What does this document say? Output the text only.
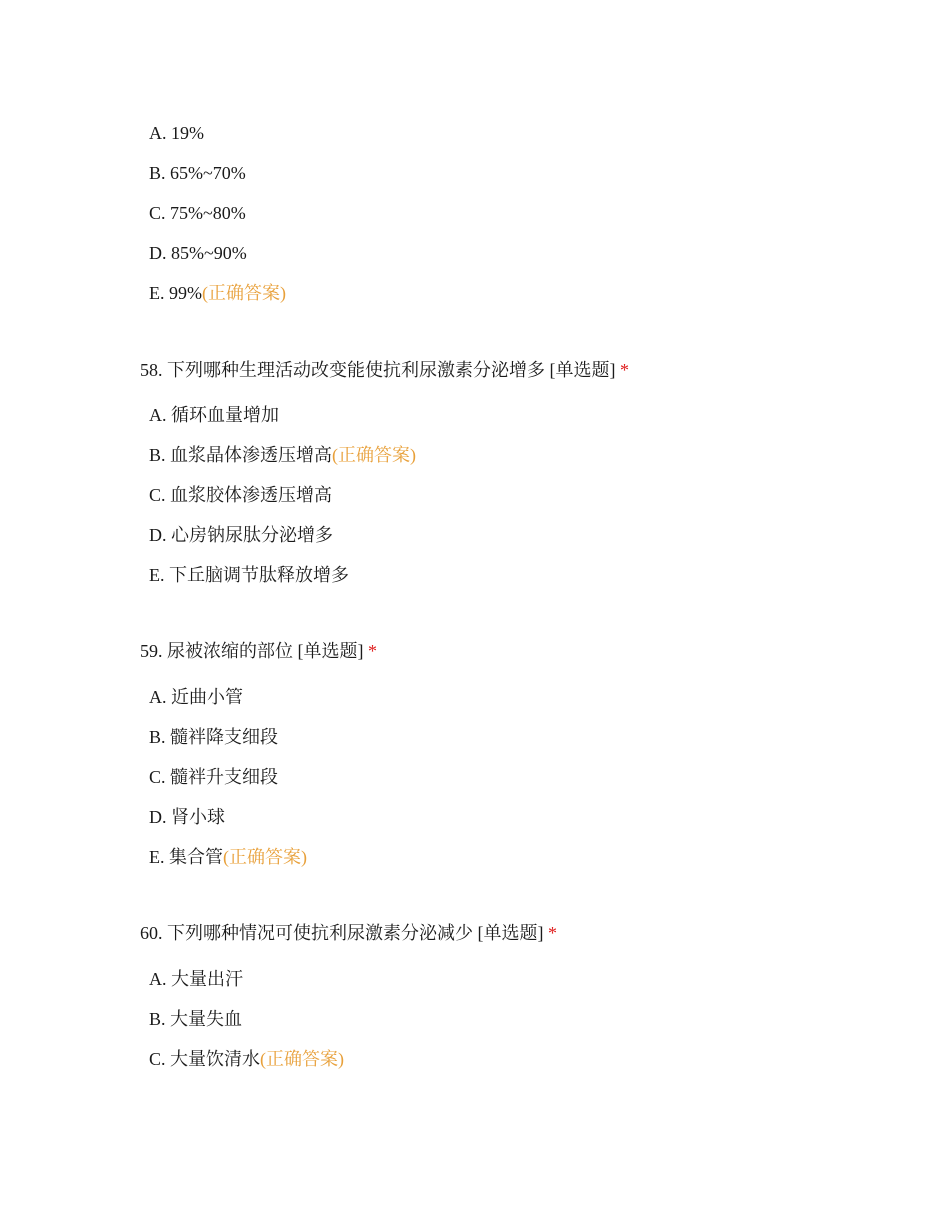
A. 19%
B. 65%~70%
C. 75%~80%
D. 85%~90%
E. 99%(正确答案)
58. 下列哪种生理活动改变能使抗利尿激素分泌增多 [单选题] *
A. 循环血量增加
B. 血浆晶体渗透压增高(正确答案)
C. 血浆胶体渗透压增高
D. 心房钠尿肽分泌增多
E. 下丘脑调节肽释放增多
59. 尿被浓缩的部位 [单选题] *
A. 近曲小管
B. 髓袢降支细段
C. 髓袢升支细段
D. 肾小球
E. 集合管(正确答案)
60. 下列哪种情况可使抗利尿激素分泌减少 [单选题] *
A. 大量出汗
B. 大量失血
C. 大量饮清水(正确答案)
